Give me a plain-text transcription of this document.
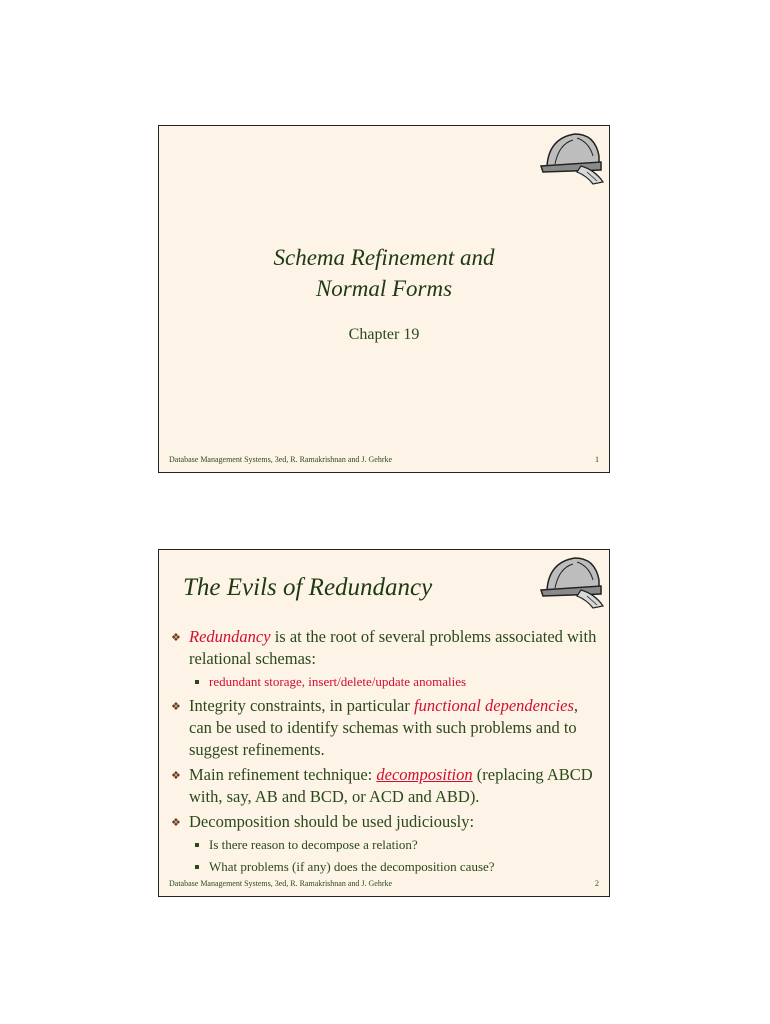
Schema Refinement and
Normal Forms
Chapter 19
Database Management Systems, 3ed, R. Ramakrishnan and J. Gehrke	1
The Evils of Redundancy
❖ Redundancy is at the root of several problems associated with relational schemas:
redundant storage, insert/delete/update anomalies
❖ Integrity constraints, in particular functional dependencies, can be used to identify schemas with such problems and to suggest refinements.
❖ Main refinement technique: decomposition (replacing ABCD with, say, AB and BCD, or ACD and ABD).
❖ Decomposition should be used judiciously:
Is there reason to decompose a relation?
What problems (if any) does the decomposition cause?
Database Management Systems, 3ed, R. Ramakrishnan and J. Gehrke	2
